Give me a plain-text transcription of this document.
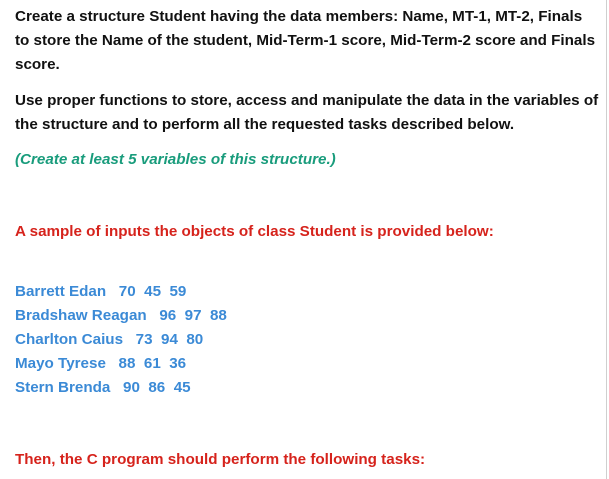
Create a structure Student having the data members: Name, MT-1, MT-2, Finals to store the Name of the student, Mid-Term-1 score, Mid-Term-2 score and Finals score.

Use proper functions to store, access and manipulate the data in the variables of the structure and to perform all the requested tasks described below.

(Create at least 5 variables of this structure.)

A sample of inputs the objects of class Student is provided below:

Barrett Edan   70  45  59
Bradshaw Reagan   96  97  88
Charlton Caius   73  94  80
Mayo Tyrese   88  61  36
Stern Brenda   90  86  45

Then, the C program should perform the following tasks:
